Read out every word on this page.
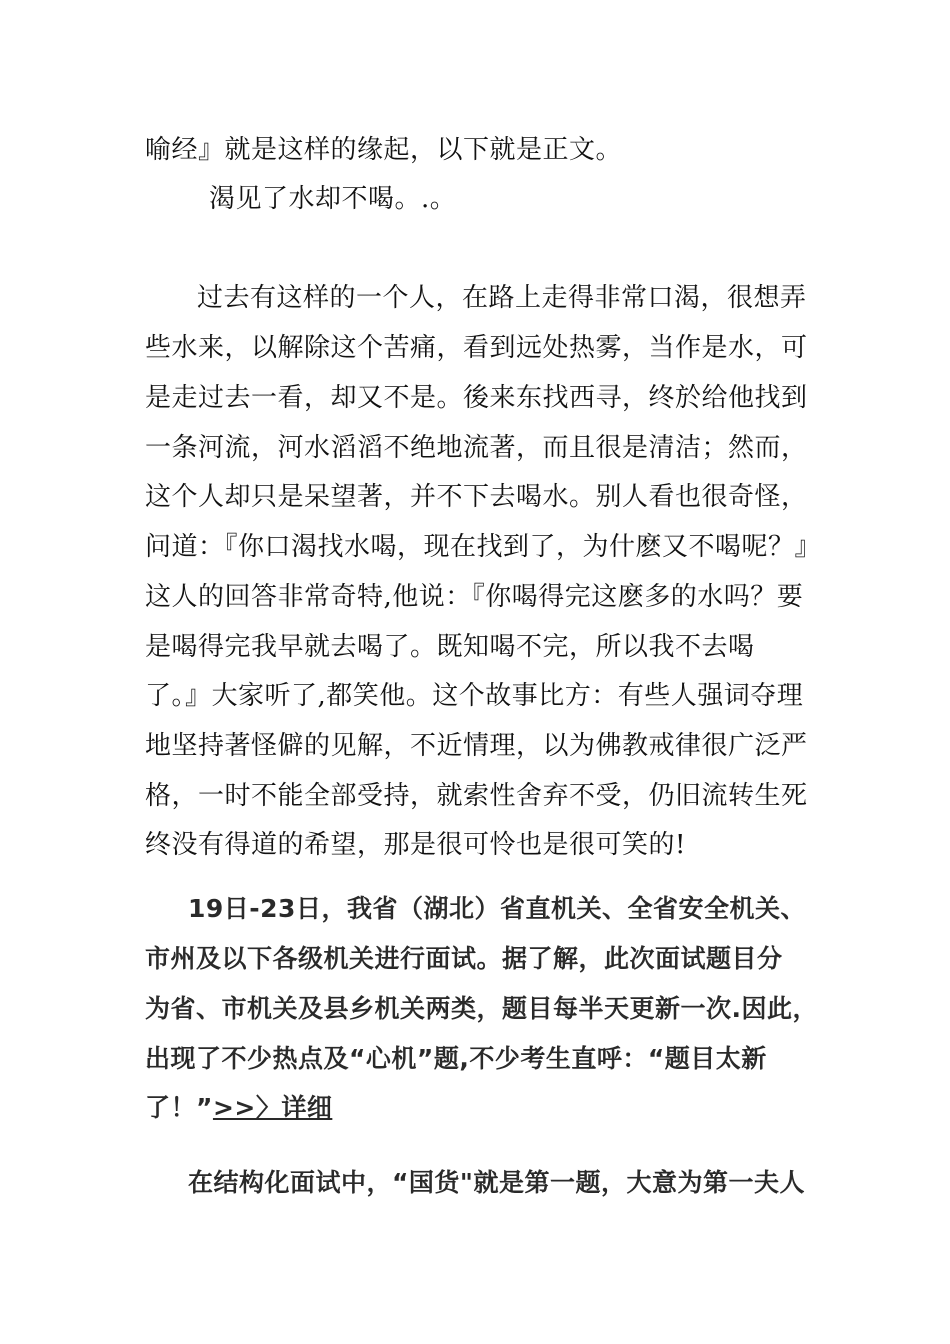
喻经』就是这样的缘起，以下就是正文。
渴见了水却不喝。.。
过去有这样的一个人，在路上走得非常口渴，很想弄
些水来，以解除这个苦痛，看到远处热雾，当作是水，可
是走过去一看，却又不是。後来东找西寻，终於给他找到
一条河流，河水滔滔不绝地流著，而且很是清洁；然而，
这个人却只是呆望著，并不下去喝水。别人看也很奇怪，
问道：『你口渴找水喝，现在找到了，为什麽又不喝呢？』
这人的回答非常奇特,他说：『你喝得完这麽多的水吗？要
是喝得完我早就去喝了。既知喝不完，所以我不去喝
了。』大家听了,都笑他。这个故事比方：有些人强词夺理
地坚持著怪僻的见解，不近情理，以为佛教戒律很广泛严
格，一时不能全部受持，就索性舍弃不受，仍旧流转生死
终没有得道的希望，那是很可怜也是很可笑的!
19日-23日，我省（湖北）省直机关、全省安全机关、
市州及以下各级机关进行面试。据了解，此次面试题目分
为省、市机关及县乡机关两类，题目每半天更新一次.因此，
出现了不少热点及“心机”题,不少考生直呼：“题目太新
了！”>>〉详细
在结构化面试中，“国货"就是第一题，大意为第一夫人
